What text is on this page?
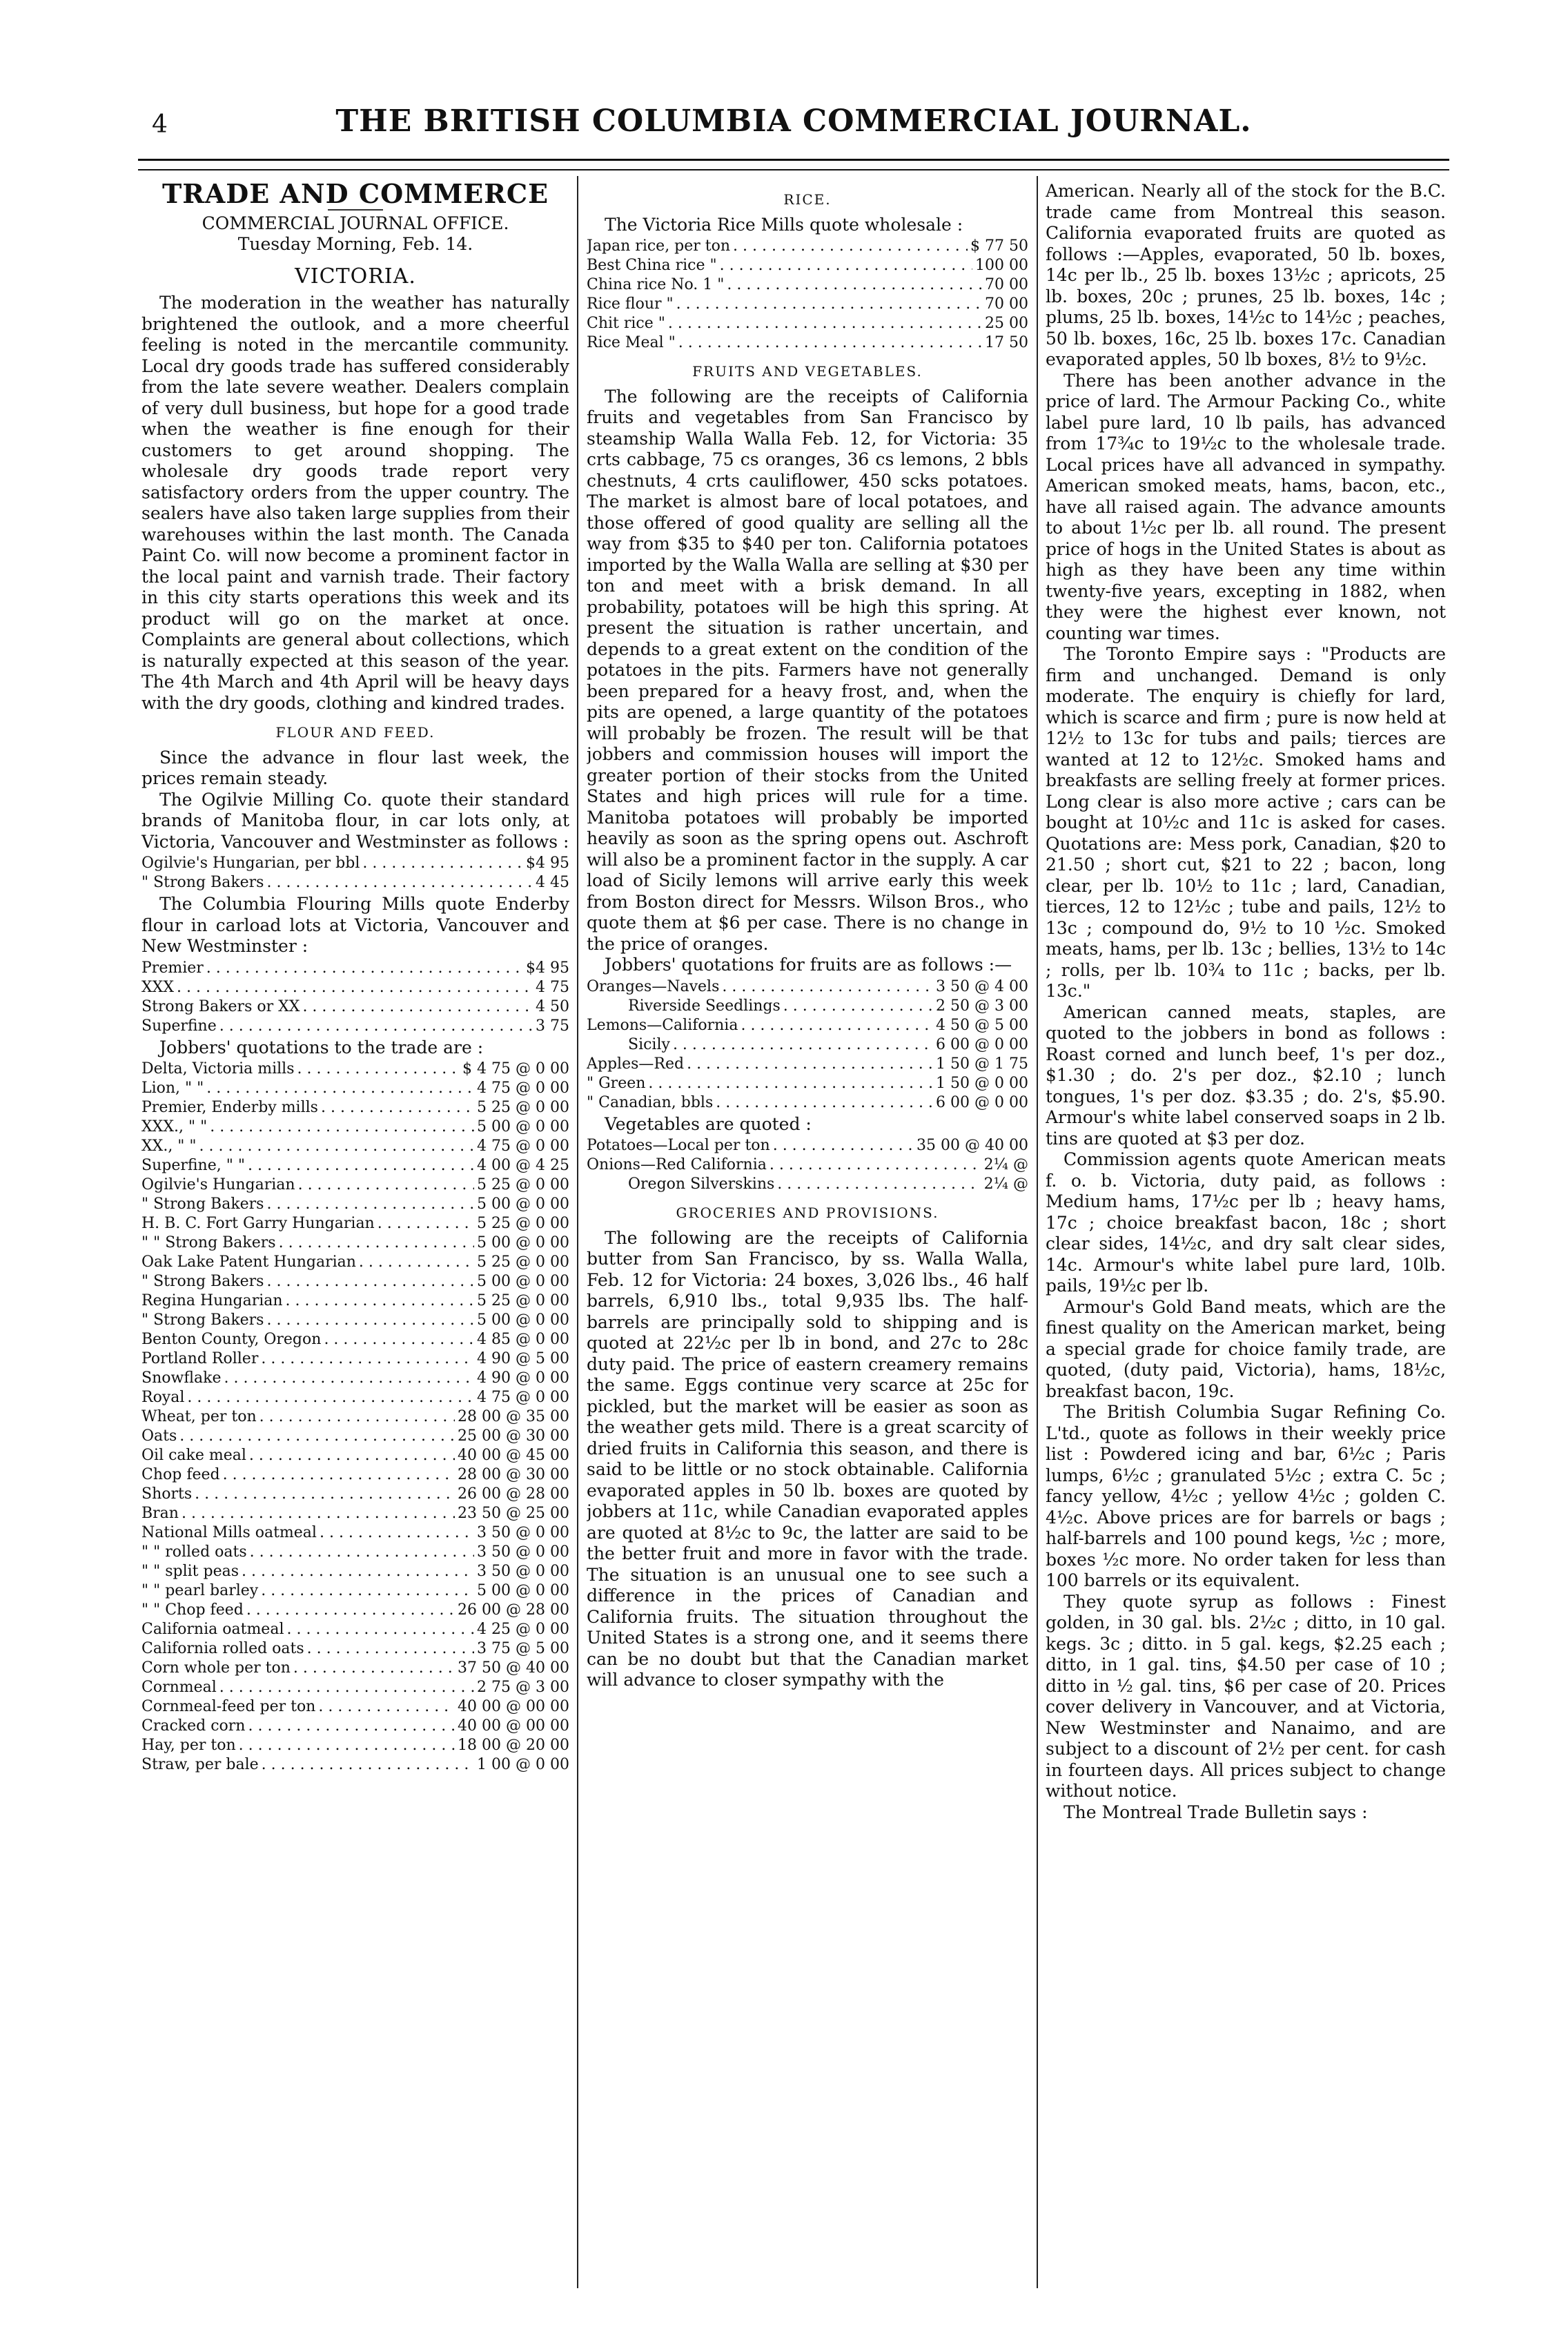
4	THE BRITISH COLUMBIA COMMERCIAL JOURNAL.
TRADE AND COMMERCE
COMMERCIAL JOURNAL OFFICE.
Tuesday Morning, Feb. 14.
VICTORIA.

The moderation in the weather has naturally brightened the outlook, and a more cheerful feeling is noted in the mercantile community. Local dry goods trade has suffered considerably from the late severe weather. Dealers complain of very dull business, but hope for a good trade when the weather is fine enough for their customers to get around shopping. The wholesale dry goods trade report very satisfactory orders from the upper country. The sealers have also taken large supplies from their warehouses within the last month. The Canada Paint Co. will now become a prominent factor in the local paint and varnish trade. Their factory in this city starts operations this week and its product will go on the market at once. Complaints are general about collections, which is naturally expected at this season of the year. The 4th March and 4th April will be heavy days with the dry goods, clothing and kindred trades.

FLOUR AND FEED.

Since the advance in flour last week, the prices remain steady.

The Ogilvie Milling Co. quote their standard brands of Manitoba flour, in car lots only, at Victoria, Vancouver and Westminster as follows :

Ogilvie's Hungarian, per bbl . . .	$4 95
" Strong Bakers . . .	4 45

The Columbia Flouring Mills quote Enderby flour in carload lots at Victoria, Vancouver and New Westminster :

Premier . . .	$4 95
XXX . . .	4 75
Strong Bakers or XX . . .	4 50
Superfine . . .	3 75

Jobbers' quotations to the trade are :

Delta, Victoria mills . . .	$ 4 75 @ 0 00
Lion, " " . . .	4 75 @ 0 00
Premier, Enderby mills . . .	5 25 @ 0 00
XXX., " " . . .	5 00 @ 0 00
XX., " " . . .	4 75 @ 0 00
Superfine, " " . . .	4 00 @ 4 25
Ogilvie's Hungarian . . .	5 25 @ 0 00
" Strong Bakers . . .	5 00 @ 0 00
H. B. C. Fort Garry Hungarian . . .	5 25 @ 0 00
" " Strong Bakers . . .	5 00 @ 0 00
Oak Lake Patent Hungarian . . .	5 25 @ 0 00
" Strong Bakers . . .	5 00 @ 0 00
Regina Hungarian . . .	5 25 @ 0 00
" Strong Bakers . . .	5 00 @ 0 00
Benton County, Oregon . . .	4 85 @ 0 00
Portland Roller . . .	4 90 @ 5 00
Snowflake . . .	4 90 @ 0 00
Royal . . .	4 75 @ 0 00
Wheat, per ton . . .	28 00 @ 35 00
Oats . . .	25 00 @ 30 00
Oil cake meal . . .	40 00 @ 45 00
Chop feed . . .	28 00 @ 30 00
Shorts . . .	26 00 @ 28 00
Bran . . .	23 50 @ 25 00
National Mills oatmeal . . .	3 50 @ 0 00
" " rolled oats . . .	3 50 @ 0 00
" " split peas . . .	3 50 @ 0 00
" " pearl barley . . .	5 00 @ 0 00
" " Chop feed . . .	26 00 @ 28 00
California oatmeal . . .	4 25 @ 0 00
California rolled oats . . .	3 75 @ 5 00
Corn whole per ton . . .	37 50 @ 40 00
Cornmeal . . .	2 75 @ 3 00
Cornmeal-feed per ton . . .	40 00 @ 00 00
Cracked corn . . .	40 00 @ 00 00
Hay, per ton . . .	18 00 @ 20 00
Straw, per bale . . .	1 00 @ 0 00
RICE.

The Victoria Rice Mills quote wholesale :

Japan rice, per ton . . .	$ 77 50
Best China rice " . . .	100 00
China rice No. 1 " . . .	70 00
Rice flour " . . .	70 00
Chit rice " . . .	25 00
Rice Meal " . . .	17 50
FRUITS AND VEGETABLES.

The following are the receipts of California fruits and vegetables from San Francisco by steamship Walla Walla Feb. 12, for Victoria: 35 crts cabbage, 75 cs oranges, 36 cs lemons, 2 bbls chestnuts, 4 crts cauliflower, 450 scks potatoes. The market is almost bare of local potatoes, and those offered of good quality are selling all the way from $35 to $40 per ton. California potatoes imported by the Walla Walla are selling at $30 per ton and meet with a brisk demand. In all probability, potatoes will be high this spring. At present the situation is rather uncertain, and depends to a great extent on the condition of the potatoes in the pits. Farmers have not generally been prepared for a heavy frost, and, when the pits are opened, a large quantity of the potatoes will probably be frozen. The result will be that jobbers and commission houses will import the greater portion of their stocks from the United States and high prices will rule for a time. Manitoba potatoes will probably be imported heavily as soon as the spring opens out. Aschroft will also be a prominent factor in the supply. A car load of Sicily lemons will arrive early this week from Boston direct for Messrs. Wilson Bros., who quote them at $6 per case. There is no change in the price of oranges.

Jobbers' quotations for fruits are as follows :—

Oranges—Navels . . .	3 50 @ 4 00
Riverside Seedlings . . .	2 50 @ 3 00
Lemons—California . . .	4 50 @ 5 00
Sicily . . .	6 00 @ 0 00
Apples—Red . . .	1 50 @ 1 75
" Green . . .	1 50 @ 0 00
" Canadian, bbls . . .	6 00 @ 0 00

Vegetables are quoted :

Potatoes—Local per ton . . .	35 00 @ 40 00
Onions—Red California . . .	2¼ @
Oregon Silverskins . . .	2¼ @
GROCERIES AND PROVISIONS.

The following are the receipts of California butter from San Francisco, by ss. Walla Walla, Feb. 12 for Victoria: 24 boxes, 3,026 lbs., 46 half barrels, 6,910 lbs., total 9,935 lbs. The half-barrels are principally sold to shipping and is quoted at 22½c per lb in bond, and 27c to 28c duty paid. The price of eastern creamery remains the same. Eggs continue very scarce at 25c for pickled, but the market will be easier as soon as the weather gets mild. There is a great scarcity of dried fruits in California this season, and there is said to be little or no stock obtainable. California evaporated apples in 50 lb. boxes are quoted by jobbers at 11c, while Canadian evaporated apples are quoted at 8½c to 9c, the latter are said to be the better fruit and more in favor with the trade. The situation is an unusual one to see such a difference in the prices of Canadian and California fruits. The situation throughout the United States is a strong one, and it seems there can be no doubt but that the Canadian market will advance to closer sympathy with the

American. Nearly all of the stock for the B.C. trade came from Montreal this season. California evaporated fruits are quoted as follows :—Apples, evaporated, 50 lb. boxes, 14c per lb., 25 lb. boxes 13½c ; apricots, 25 lb. boxes, 20c ; prunes, 25 lb. boxes, 14c ; plums, 25 lb. boxes, 14½c to 14½c ; peaches, 50 lb. boxes, 16c, 25 lb. boxes 17c. Canadian evaporated apples, 50 lb boxes, 8½ to 9½c.

There has been another advance in the price of lard. The Armour Packing Co., white label pure lard, 10 lb pails, has advanced from 17¾c to 19½c to the wholesale trade. Local prices have all advanced in sympathy. American smoked meats, hams, bacon, etc., have all raised again. The advance amounts to about 1½c per lb. all round. The present price of hogs in the United States is about as high as they have been any time within twenty-five years, excepting in 1882, when they were the highest ever known, not counting war times.

The Toronto Empire says : "Products are firm and unchanged. Demand is only moderate. The enquiry is chiefly for lard, which is scarce and firm ; pure is now held at 12½ to 13c for tubs and pails; tierces are wanted at 12 to 12½c. Smoked hams and breakfasts are selling freely at former prices. Long clear is also more active ; cars can be bought at 10½c and 11c is asked for cases. Quotations are: Mess pork, Canadian, $20 to 21.50 ; short cut, $21 to 22 ; bacon, long clear, per lb. 10½ to 11c ; lard, Canadian, tierces, 12 to 12½c ; tube and pails, 12½ to 13c ; compound do, 9½ to 10 ½c. Smoked meats, hams, per lb. 13c ; bellies, 13½ to 14c ; rolls, per lb. 10¾ to 11c ; backs, per lb. 13c."

American canned meats, staples, are quoted to the jobbers in bond as follows : Roast corned and lunch beef, 1's per doz., $1.30 ; do. 2's per doz., $2.10 ; lunch tongues, 1's per doz. $3.35 ; do. 2's, $5.90. Armour's white label conserved soaps in 2 lb. tins are quoted at $3 per doz.

Commission agents quote American meats f. o. b. Victoria, duty paid, as follows : Medium hams, 17½c per lb ; heavy hams, 17c ; choice breakfast bacon, 18c ; short clear sides, 14½c, and dry salt clear sides, 14c. Armour's white label pure lard, 10lb. pails, 19½c per lb.

Armour's Gold Band meats, which are the finest quality on the American market, being a special grade for choice family trade, are quoted, (duty paid, Victoria), hams, 18½c, breakfast bacon, 19c.

The British Columbia Sugar Refining Co. L'td., quote as follows in their weekly price list : Powdered icing and bar, 6½c ; Paris lumps, 6½c ; granulated 5½c ; extra C. 5c ; fancy yellow, 4½c ; yellow 4½c ; golden C. 4½c. Above prices are for barrels or bags ; half-barrels and 100 pound kegs, ½c ; more, boxes ½c more. No order taken for less than 100 barrels or its equivalent.

They quote syrup as follows : Finest golden, in 30 gal. bls. 2½c ; ditto, in 10 gal. kegs. 3c ; ditto. in 5 gal. kegs, $2.25 each ; ditto, in 1 gal. tins, $4.50 per case of 10 ; ditto in ½ gal. tins, $6 per case of 20. Prices cover delivery in Vancouver, and at Victoria, New Westminster and Nanaimo, and are subject to a discount of 2½ per cent. for cash in fourteen days. All prices subject to change without notice.

The Montreal Trade Bulletin says :
